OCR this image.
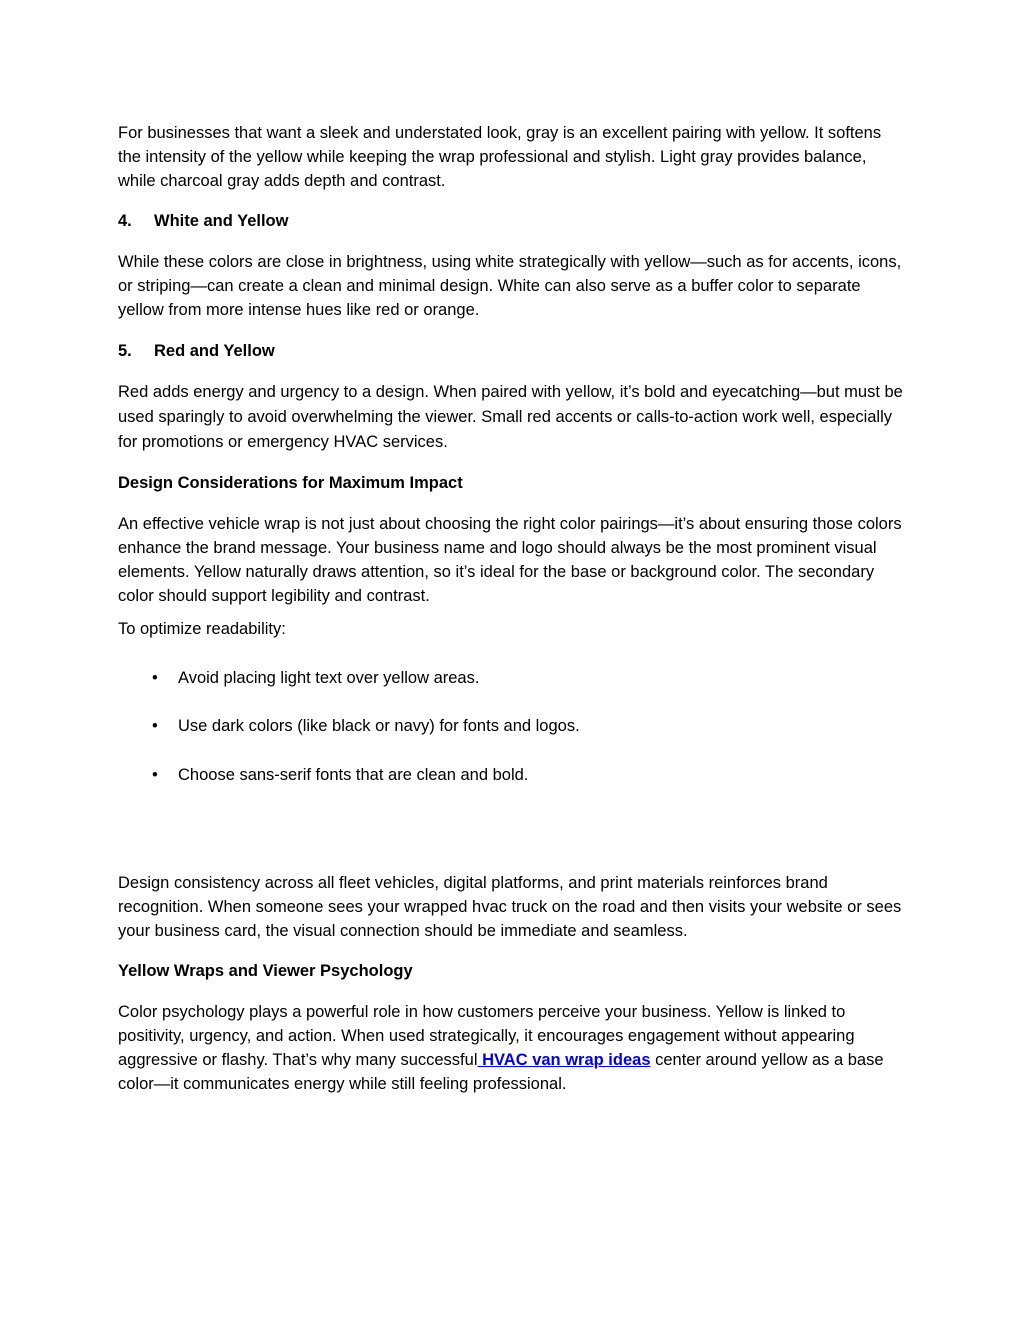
For businesses that want a sleek and understated look, gray is an excellent pairing with yellow. It softens the intensity of the yellow while keeping the wrap professional and stylish. Light gray provides balance, while charcoal gray adds depth and contrast.

4. White and Yellow

While these colors are close in brightness, using white strategically with yellow—such as for accents, icons, or striping—can create a clean and minimal design. White can also serve as a buffer color to separate yellow from more intense hues like red or orange.

5. Red and Yellow

Red adds energy and urgency to a design. When paired with yellow, it’s bold and eyecatching—but must be used sparingly to avoid overwhelming the viewer. Small red accents or calls-to-action work well, especially for promotions or emergency HVAC services.

Design Considerations for Maximum Impact

An effective vehicle wrap is not just about choosing the right color pairings—it’s about ensuring those colors enhance the brand message. Your business name and logo should always be the most prominent visual elements. Yellow naturally draws attention, so it’s ideal for the base or background color. The secondary color should support legibility and contrast.

To optimize readability:

• Avoid placing light text over yellow areas.
• Use dark colors (like black or navy) for fonts and logos.
• Choose sans-serif fonts that are clean and bold.

Design consistency across all fleet vehicles, digital platforms, and print materials reinforces brand recognition. When someone sees your wrapped hvac truck on the road and then visits your website or sees your business card, the visual connection should be immediate and seamless.

Yellow Wraps and Viewer Psychology

Color psychology plays a powerful role in how customers perceive your business. Yellow is linked to positivity, urgency, and action. When used strategically, it encourages engagement without appearing aggressive or flashy. That’s why many successful HVAC van wrap ideas center around yellow as a base color—it communicates energy while still feeling professional.
